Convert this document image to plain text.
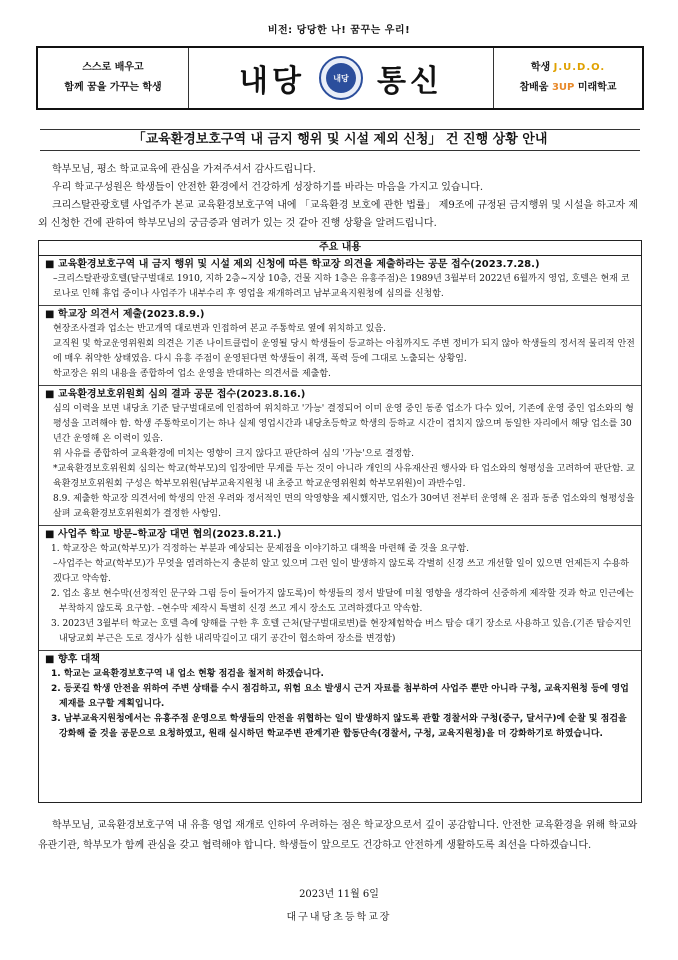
비전: 당당한 나! 꿈꾸는 우리!
스스로 배우고
함께 꿈을 가꾸는 학생	내당	내당 통신	학생 J.U.D.O.
참배움 3UP 미래학교
「교육환경보호구역 내 금지 행위 및 시설 제외 신청」 건 진행 상황 안내

학부모님, 평소 학교교육에 관심을 가져주셔서 감사드립니다.

우리 학교구성원은 학생들이 안전한 환경에서 건강하게 성장하기를 바라는 마음을 가지고 있습니다.

크리스탈관광호텔 사업주가 본교 교육환경보호구역 내에 「교육환경 보호에 관한 법률」 제9조에 규정된 금지행위 및 시설을 하고자 제외 신청한 건에 관하여 학부모님의 궁금증과 염려가 있는 것 같아 진행 상황을 알려드립니다.

주요 내용
■ 교육환경보호구역 내 금지 행위 및 시설 제외 신청에 따른 학교장 의견을 제출하라는 공문 접수(2023.7.28.)

–크리스탈관광호텔(달구벌대로 1910, 지하 2층~지상 10층, 건물 지하 1층은 유흥주점)은 1989년 3월부터 2022년 6월까지 영업, 호텔은 현재 코로나로 인해 휴업 중이나 사업주가 내부수리 후 영업을 재개하려고 남부교육지원청에 심의를 신청함.

■ 학교장 의견서 제출(2023.8.9.)

현장조사결과 업소는 반고개역 대로변과 인접하여 본교 주통학로 옆에 위치하고 있음.

교직원 및 학교운영위원회 의견은 기존 나이트클럽이 운영될 당시 학생들이 등교하는 아침까지도 주변 정비가 되지 않아 학생들의 정서적 물리적 안전에 매우 취약한 상태였음. 다시 유흥 주점이 운영된다면 학생들이 취객, 폭력 등에 그대로 노출되는 상황임.

학교장은 위의 내용을 종합하여 업소 운영을 반대하는 의견서를 제출함.

■ 교육환경보호위원회 심의 결과 공문 접수(2023.8.16.)

심의 이력을 보면 내당초 기준 달구벌대로에 인접하여 위치하고 '가능' 결정되어 이미 운영 중인 동종 업소가 다수 있어, 기존에 운영 중인 업소와의 형평성을 고려해야 함. 학생 주통학로이기는 하나 실제 영업시간과 내당초등학교 학생의 등하교 시간이 겹치지 않으며 동일한 자리에서 해당 업소를 30년간 운영해 온 이력이 있음.

위 사유를 종합하여 교육환경에 미치는 영향이 크지 않다고 판단하여 심의 '가능'으로 결정함.

*교육환경보호위원회 심의는 학교(학부모)의 입장에만 무게를 두는 것이 아니라 개인의 사유재산권 행사와 타 업소와의 형평성을 고려하여 판단함. 교육환경보호위원회 구성은 학부모위원(남부교육지원청 내 초중고 학교운영위원회 학부모위원)이 과반수임.

8.9. 제출한 학교장 의견서에 학생의 안전 우려와 정서적인 면의 악영향을 제시했지만, 업소가 30여년 전부터 운영해 온 점과 동종 업소와의 형평성을 살펴 교육환경보호위원회가 결정한 사항임.

■ 사업주 학교 방문–학교장 대면 협의(2023.8.21.)

1. 학교장은 학교(학부모)가 걱정하는 부분과 예상되는 문제점을 이야기하고 대책을 마련해 줄 것을 요구함.

–사업주는 학교(학부모)가 무엇을 염려하는지 충분히 알고 있으며 그런 일이 발생하지 않도록 각별히 신경 쓰고 개선할 일이 있으면 언제든지 수용하겠다고 약속함.

2. 업소 홍보 현수막(선정적인 문구와 그림 등이 들어가지 않도록)이 학생들의 정서 발달에 미칠 영향을 생각하여 신중하게 제작할 것과 학교 인근에는 부착하지 않도록 요구함. –현수막 제작시 특별히 신경 쓰고 게시 장소도 고려하겠다고 약속함.

3. 2023년 3월부터 학교는 호텔 측에 양해를 구한 후 호텔 근처(달구벌대로변)를 현장체험학습 버스 탑승 대기 장소로 사용하고 있음.(기존 탑승지인 내당교회 부근은 도로 경사가 심한 내리막길이고 대기 공간이 협소하여 장소를 변경함)

■ 향후 대책

1. 학교는 교육환경보호구역 내 업소 현황 점검을 철저히 하겠습니다.

2. 등굣길 학생 안전을 위하여 주변 상태를 수시 점검하고, 위험 요소 발생시 근거 자료를 첨부하여 사업주 뿐만 아니라 구청, 교육지원청 등에 영업 제재를 요구할 계획입니다.

3. 남부교육지원청에서는 유흥주점 운영으로 학생들의 안전을 위협하는 일이 발생하지 않도록 관할 경찰서와 구청(중구, 달서구)에 순찰 및 점검을 강화해 줄 것을 공문으로 요청하였고, 원래 실시하던 학교주변 관계기관 합동단속(경찰서, 구청, 교육지원청)을 더 강화하기로 하였습니다.

학부모님, 교육환경보호구역 내 유흥 영업 재개로 인하여 우려하는 점은 학교장으로서 깊이 공감합니다. 안전한 교육환경을 위해 학교와 유관기관, 학부모가 함께 관심을 갖고 협력해야 합니다. 학생들이 앞으로도 건강하고 안전하게 생활하도록 최선을 다하겠습니다.

2023년 11월 6일
대구내당초등학교장
